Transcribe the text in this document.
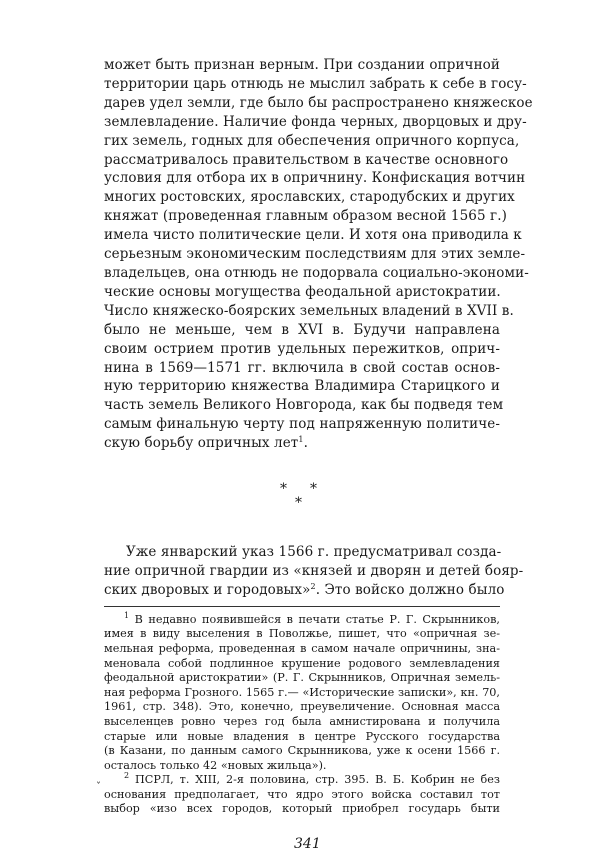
может быть признан верным. При создании опричной
территории царь отнюдь не мыслил забрать к себе в госу-
дарев удел земли, где было бы распространено княжеское
землевладение. Наличие фонда черных, дворцовых и дру-
гих земель, годных для обеспечения опричного корпуса,
рассматривалось правительством в качестве основного
условия для отбора их в опричнину. Конфискация вотчин
многих ростовских, ярославских, стародубских и других
княжат (проведенная главным образом весной 1565 г.)
имела чисто политические цели. И хотя она приводила к
серьезным экономическим последствиям для этих земле-
владельцев, она отнюдь не подорвала социально-экономи-
ческие основы могущества феодальной аристократии.
Число княжеско-боярских земельных владений в XVII в.
было не меньше, чем в XVI в. Будучи направлена
своим острием против удельных пережитков, оприч-
нина в 1569—1571 гг. включила в свой состав основ-
ную территорию княжества Владимира Старицкого и
часть земель Великого Новгорода, как бы подведя тем
самым финальную черту под напряженную политиче-
скую борьбу опричных лет$^1$.
* *
*
Уже январский указ 1566 г. предусматривал созда-
ние опричной гвардии из «князей и дворян и детей бояр-
ских дворовых и городовых»$^2$. Это войско должно было
$^1$ В недавно появившейся в печати статье Р. Г. Скрынников,
имея в виду выселения в Поволжье, пишет, что «опричная зе-
мельная реформа, проведенная в самом начале опричнины, зна-
меновала собой подлинное крушение родового землевладения
феодальной аристократии» (Р. Г. Скрынников, Опричная земель-
ная реформа Грозного. 1565 г.— «Исторические записки», кн. 70,
1961, стр. 348). Это, конечно, преувеличение. Основная масса
выселенцев ровно через год была амнистирована и получила
старые или новые владения в центре Русского государства
(в Казани, по данным самого Скрынникова, уже к осени 1566 г.
осталось только 42 «новых жильца»).
$^2$ ПСРЛ, т. XIII, 2-я половина, стр. 395. В. Б. Кобрин не без
основания предполагает, что ядро этого войска составил тот
выбор «изо всех городов, который приобрел государь быти
ˇ
341
